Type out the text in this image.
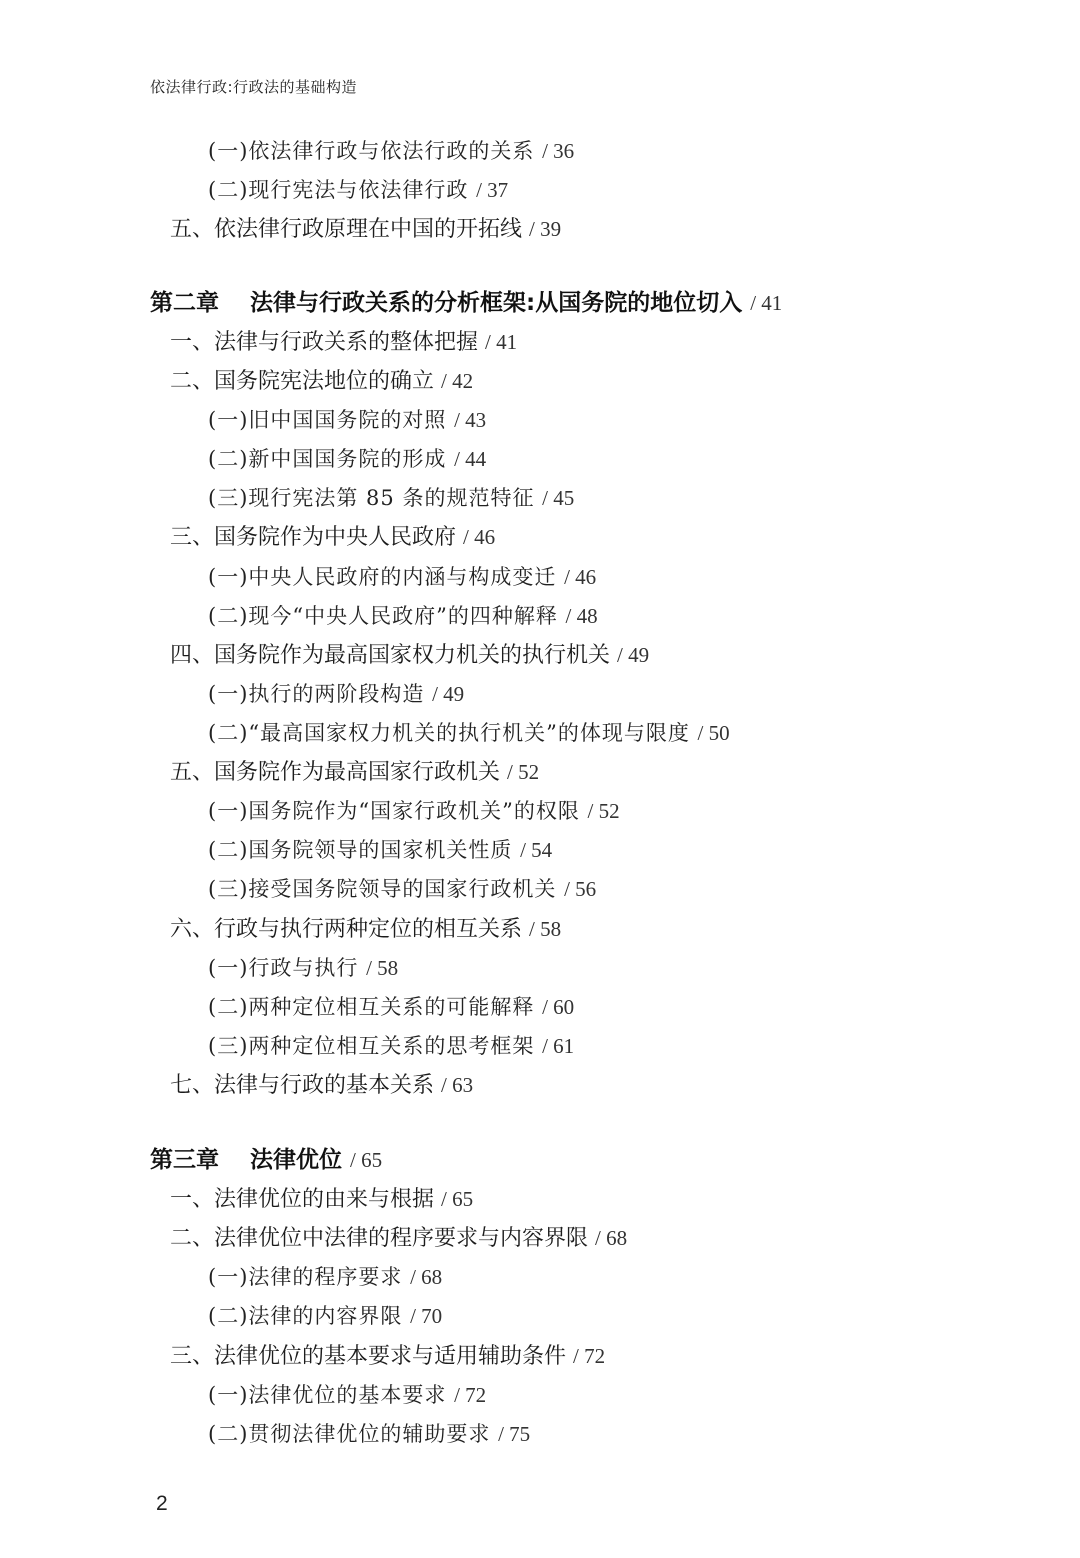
依法律行政:行政法的基础构造
(一)依法律行政与依法行政的关系 / 36
(二)现行宪法与依法律行政 / 37
五、依法律行政原理在中国的开拓线 / 39
第二章 法律与行政关系的分析框架:从国务院的地位切入 / 41
一、法律与行政关系的整体把握 / 41
二、国务院宪法地位的确立 / 42
(一)旧中国国务院的对照 / 43
(二)新中国国务院的形成 / 44
(三)现行宪法第 85 条的规范特征 / 45
三、国务院作为中央人民政府 / 46
(一)中央人民政府的内涵与构成变迁 / 46
(二)现今“中央人民政府”的四种解释 / 48
四、国务院作为最高国家权力机关的执行机关 / 49
(一)执行的两阶段构造 / 49
(二)“最高国家权力机关的执行机关”的体现与限度 / 50
五、国务院作为最高国家行政机关 / 52
(一)国务院作为“国家行政机关”的权限 / 52
(二)国务院领导的国家机关性质 / 54
(三)接受国务院领导的国家行政机关 / 56
六、行政与执行两种定位的相互关系 / 58
(一)行政与执行 / 58
(二)两种定位相互关系的可能解释 / 60
(三)两种定位相互关系的思考框架 / 61
七、法律与行政的基本关系 / 63
第三章 法律优位 / 65
一、法律优位的由来与根据 / 65
二、法律优位中法律的程序要求与内容界限 / 68
(一)法律的程序要求 / 68
(二)法律的内容界限 / 70
三、法律优位的基本要求与适用辅助条件 / 72
(一)法律优位的基本要求 / 72
(二)贯彻法律优位的辅助要求 / 75
2
